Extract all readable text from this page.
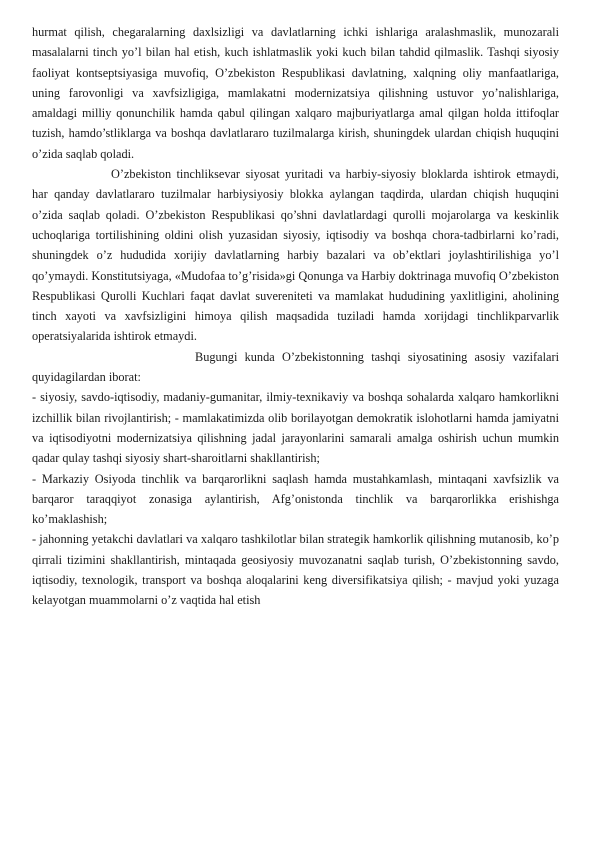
hurmat qilish, chegaralarning daxlsizligi va davlatlarning ichki ishlariga aralashmaslik, munozarali masalalarni tinch yo’l bilan hal etish, kuch ishlatmaslik yoki kuch bilan tahdid qilmaslik. Tashqi siyosiy faoliyat kontseptsiyasiga muvofiq, O’zbekiston Respublikasi davlatning, xalqning oliy manfaatlariga, uning farovonligi va xavfsizligiga, mamlakatni modernizatsiya qilishning ustuvor yo’nalishlariga, amaldagi milliy qonunchilik hamda qabul qilingan xalqaro majburiyatlarga amal qilgan holda ittifoqlar tuzish, hamdo’stliklarga va boshqa davlatlararo tuzilmalarga kirish, shuningdek ulardan chiqish huquqini o’zida saqlab qoladi.

O’zbekiston tinchliksevar siyosat yuritadi va harbiy-siyosiy bloklarda ishtirok etmaydi, har qanday davlatlararo tuzilmalar harbiysiyosiy blokka aylangan taqdirda, ulardan chiqish huquqini o’zida saqlab qoladi. O’zbekiston Respublikasi qo’shni davlatlardagi qurolli mojarolarga va keskinlik uchoqlariga tortilishining oldini olish yuzasidan siyosiy, iqtisodiy va boshqa chora-tadbirlarni ko’radi, shuningdek o’z hududida xorijiy davlatlarning harbiy bazalari va ob’ektlari joylashtirilishiga yo’l qo’ymaydi. Konstitutsiyaga, «Mudofaa to’g’risida»gi Qonunga va Harbiy doktrinaga muvofiq O’zbekiston Respublikasi Qurolli Kuchlari faqat davlat suvereniteti va mamlakat hududining yaxlitligini, aholining tinch xayoti va xavfsizligini himoya qilish maqsadida tuziladi hamda xorijdagi tinchlikparvarlik operatsiyalarida ishtirok etmaydi.

Bugungi kunda O’zbekistonning tashqi siyosatining asosiy vazifalari quyidagilardan iborat:

- siyosiy, savdo-iqtisodiy, madaniy-gumanitar, ilmiy-texnikaviy va boshqa sohalarda xalqaro hamkorlikni izchillik bilan rivojlantirish; - mamlakatimizda olib borilayotgan demokratik islohotlarni hamda jamiyatni va iqtisodiyotni modernizatsiya qilishning jadal jarayonlarini samarali amalga oshirish uchun mumkin qadar qulay tashqi siyosiy shart-sharoitlarni shakllantirish;

- Markaziy Osiyoda tinchlik va barqarorlikni saqlash hamda mustahkamlash, mintaqani xavfsizlik va barqaror taraqqiyot zonasiga aylantirish, Afg’onistonda tinchlik va barqarorlikka erishishga ko’maklashish;

- jahonning yetakchi davlatlari va xalqaro tashkilotlar bilan strategik hamkorlik qilishning mutanosib, ko’p qirrali tizimini shakllantirish, mintaqada geosiyosiy muvozanatni saqlab turish, O’zbekistonning savdo, iqtisodiy, texnologik, transport va boshqa aloqalarini keng diversifikatsiya qilish; - mavjud yoki yuzaga kelayotgan muammolarni o’z vaqtida hal etish
